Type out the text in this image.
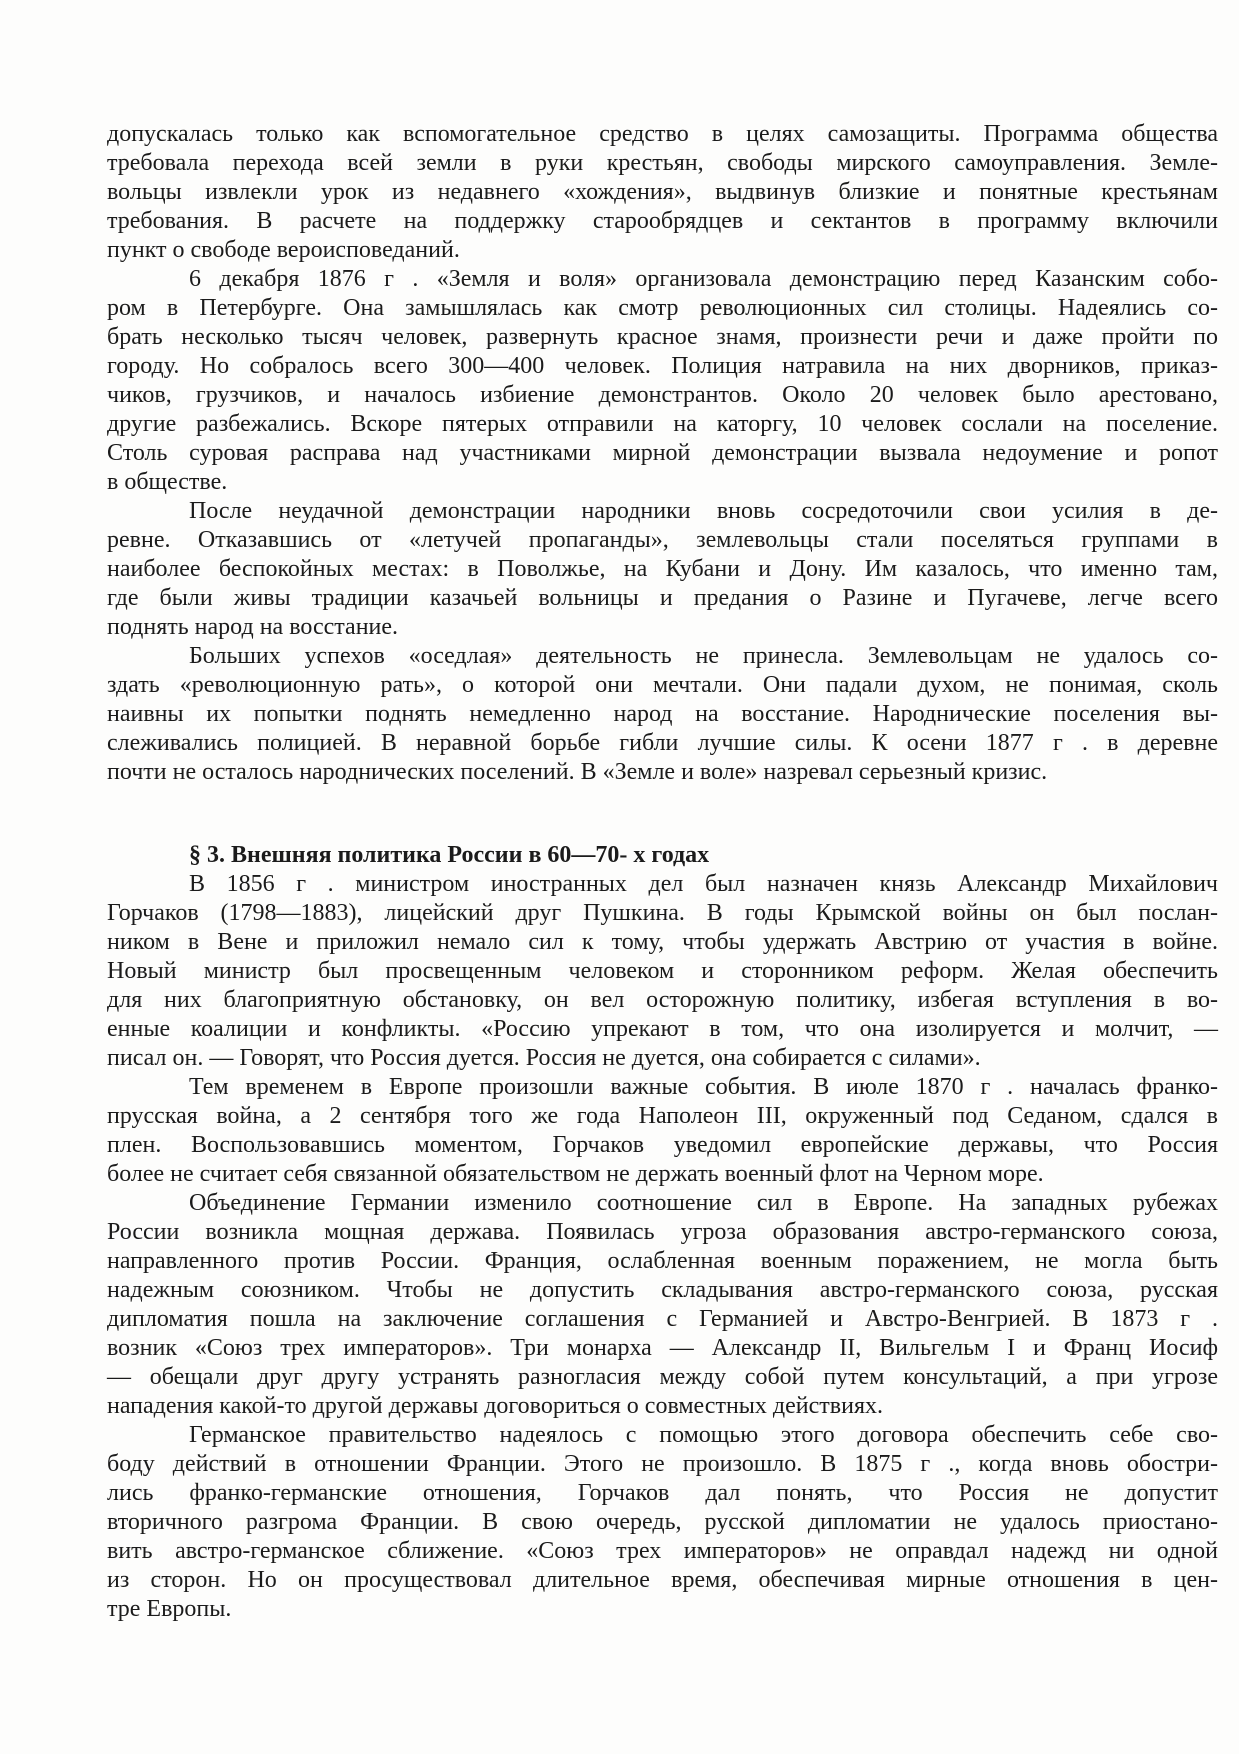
допускалась только как вспомогательное средство в целях самозащиты. Программа общества
требовала перехода всей земли в руки крестьян, свободы мирского самоуправления. Земле-
вольцы извлекли урок из недавнего «хождения», выдвинув близкие и понятные крестьянам
требования. В расчете на поддержку старообрядцев и сектантов в программу включили
пункт о свободе вероисповеданий.
6 декабря 1876 г . «Земля и воля» организовала демонстрацию перед Казанским собо-
ром в Петербурге. Она замышлялась как смотр революционных сил столицы. Надеялись со-
брать несколько тысяч человек, развернуть красное знамя, произнести речи и даже пройти по
городу. Но собралось всего 300—400 человек. Полиция натравила на них дворников, приказ-
чиков, грузчиков, и началось избиение демонстрантов. Около 20 человек было арестовано,
другие разбежались. Вскоре пятерых отправили на каторгу, 10 человек сослали на поселение.
Столь суровая расправа над участниками мирной демонстрации вызвала недоумение и ропот
в обществе.
После неудачной демонстрации народники вновь сосредоточили свои усилия в де-
ревне. Отказавшись от «летучей пропаганды», землевольцы стали поселяться группами в
наиболее беспокойных местах: в Поволжье, на Кубани и Дону. Им казалось, что именно там,
где были живы традиции казачьей вольницы и предания о Разине и Пугачеве, легче всего
поднять народ на восстание.
Больших успехов «оседлая» деятельность не принесла. Землевольцам не удалось со-
здать «революционную рать», о которой они мечтали. Они падали духом, не понимая, сколь
наивны их попытки поднять немедленно народ на восстание. Народнические поселения вы-
слеживались полицией. В неравной борьбе гибли лучшие силы. К осени 1877 г . в деревне
почти не осталось народнических поселений. В «Земле и воле» назревал серьезный кризис.
§ 3. Внешняя политика России в 60—70- х годах
В 1856 г . министром иностранных дел был назначен князь Александр Михайлович
Горчаков (1798—1883), лицейский друг Пушкина. В годы Крымской войны он был послан-
ником в Вене и приложил немало сил к тому, чтобы удержать Австрию от участия в войне.
Новый министр был просвещенным человеком и сторонником реформ. Желая обеспечить
для них благоприятную обстановку, он вел осторожную политику, избегая вступления в во-
енные коалиции и конфликты. «Россию упрекают в том, что она изолируется и молчит, —
писал он. — Говорят, что Россия дуется. Россия не дуется, она собирается с силами».
Тем временем в Европе произошли важные события. В июле 1870 г . началась франко-
прусская война, а 2 сентября того же года Наполеон III, окруженный под Седаном, сдался в
плен. Воспользовавшись моментом, Горчаков уведомил европейские державы, что Россия
более не считает себя связанной обязательством не держать военный флот на Черном море.
Объединение Германии изменило соотношение сил в Европе. На западных рубежах
России возникла мощная держава. Появилась угроза образования австро-германского союза,
направленного против России. Франция, ослабленная военным поражением, не могла быть
надежным союзником. Чтобы не допустить складывания австро-германского союза, русская
дипломатия пошла на заключение соглашения с Германией и Австро-Венгрией. В 1873 г .
возник «Союз трех императоров». Три монарха — Александр II, Вильгельм I и Франц Иосиф
— обещали друг другу устранять разногласия между собой путем консультаций, а при угрозе
нападения какой-то другой державы договориться о совместных действиях.
Германское правительство надеялось с помощью этого договора обеспечить себе сво-
боду действий в отношении Франции. Этого не произошло. В 1875 г ., когда вновь обостри-
лись франко-германские отношения, Горчаков дал понять, что Россия не допустит
вторичного разгрома Франции. В свою очередь, русской дипломатии не удалось приостано-
вить австро-германское сближение. «Союз трех императоров» не оправдал надежд ни одной
из сторон. Но он просуществовал длительное время, обеспечивая мирные отношения в цен-
тре Европы.
